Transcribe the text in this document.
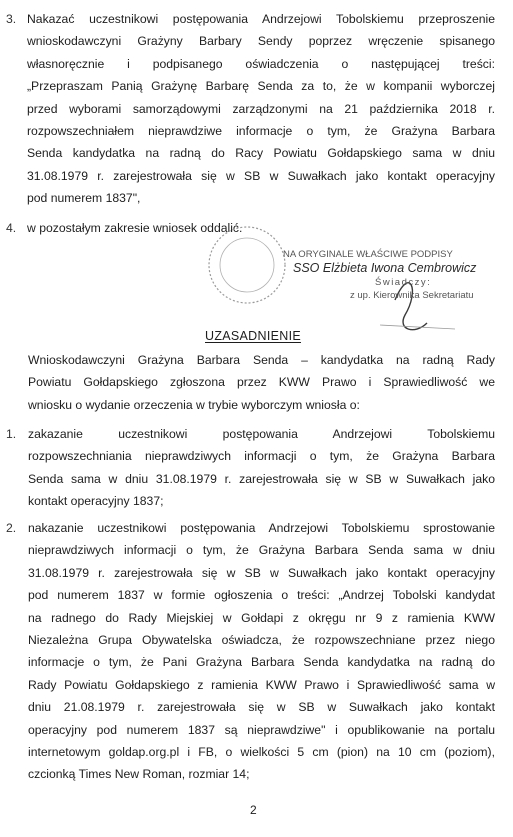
3. Nakazać uczestnikowi postępowania Andrzejowi Tobolskiemu przeproszenie
wnioskodawczyni Grażyny Barbary Sendy poprzez wręczenie spisanego
własnoręcznie i podpisanego oświadczenia o następującej treści:
„Przepraszam Panią Grażynę Barbarę Senda za to, że w kompanii wyborczej
przed wyborami samorządowymi zarządzonymi na 21 października 2018 r.
rozpowszechniałem nieprawdziwe informacje o tym, że Grażyna Barbara
Senda kandydatka na radną do Racy Powiatu Gołdapskiego sama w dniu
31.08.1979 r. zarejestrowała się w SB w Suwałkach jako kontakt operacyjny
pod numerem 1837",
4. w pozostałym zakresie wniosek oddalić.
NA ORYGINALE WŁAŚCIWE PODPISY
SSO Elżbieta Iwona Cembrowicz
Świadczy:
z up. Kierownika Sekretariatu
UZASADNIENIE
Wnioskodawczyni Grażyna Barbara Senda – kandydatka na radną Rady
Powiatu Gołdapskiego zgłoszona przez KWW Prawo i Sprawiedliwość we
wniosku o wydanie orzeczenia w trybie wyborczym wniosła o:
1. zakazanie uczestnikowi postępowania Andrzejowi Tobolskiemu
rozpowszechniania nieprawdziwych informacji o tym, że Grażyna Barbara
Senda sama w dniu 31.08.1979 r. zarejestrowała się w SB w Suwałkach jako
kontakt operacyjny 1837;
2. nakazanie uczestnikowi postępowania Andrzejowi Tobolskiemu sprostowanie
nieprawdziwych informacji o tym, że Grażyna Barbara Senda sama w dniu
31.08.1979 r. zarejestrowała się w SB w Suwałkach jako kontakt operacyjny
pod numerem 1837 w formie ogłoszenia o treści: „Andrzej Tobolski kandydat
na radnego do Rady Miejskiej w Gołdapi z okręgu nr 9 z ramienia KWW
Niezależna Grupa Obywatelska oświadcza, że rozpowszechniane przez niego
informacje o tym, że Pani Grażyna Barbara Senda kandydatka na radną do
Rady Powiatu Gołdapskiego z ramienia KWW Prawo i Sprawiedliwość sama w
dniu 21.08.1979 r. zarejestrowała się w SB w Suwałkach jako kontakt
operacyjny pod numerem 1837 są nieprawdziwe" i opublikowanie na portalu
internetowym goldap.org.pl i FB, o wielkości 5 cm (pion) na 10 cm (poziom),
czcionką Times New Roman, rozmiar 14;
2
